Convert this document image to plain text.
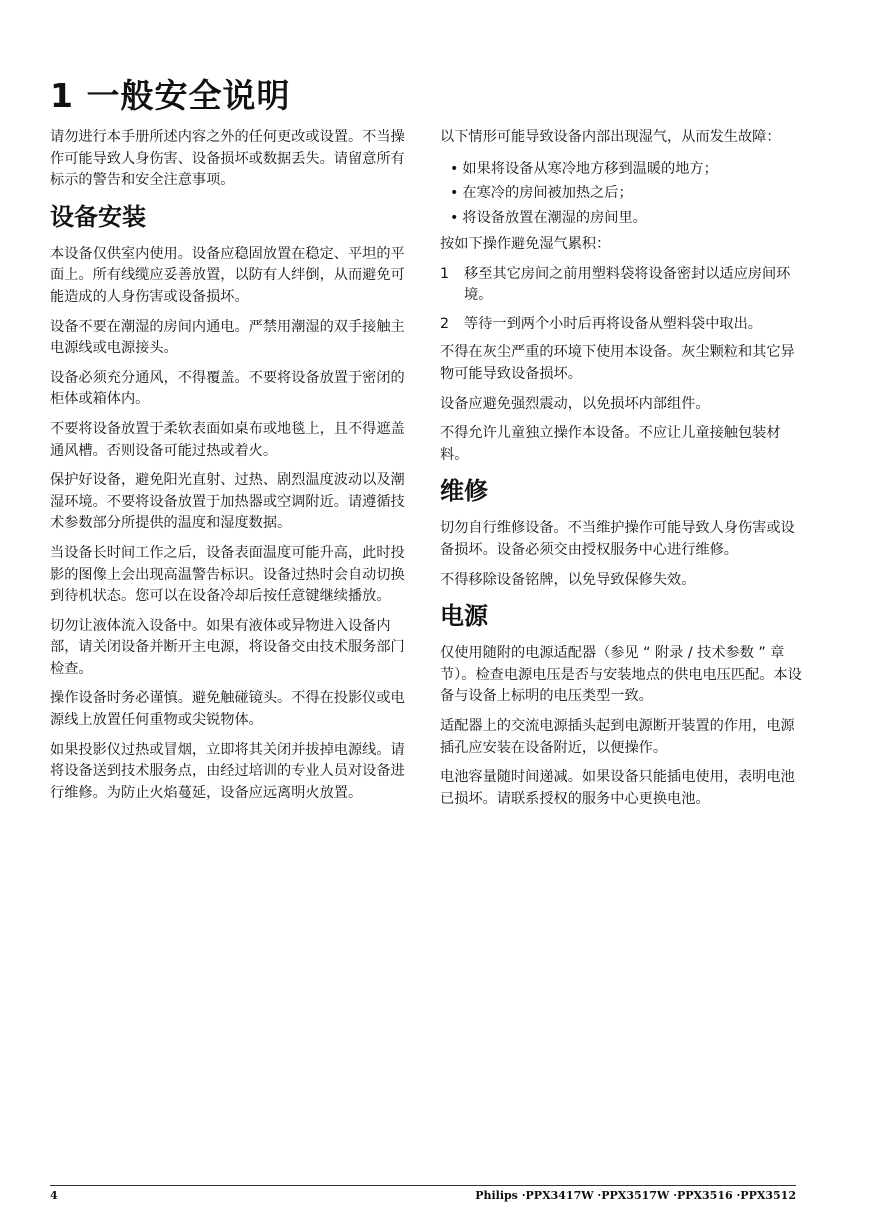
1 一般安全说明

请勿进行本手册所述内容之外的任何更改或设置。不当操作可能导致人身伤害、设备损坏或数据丢失。请留意所有标示的警告和安全注意事项。

设备安装

本设备仅供室内使用。设备应稳固放置在稳定、平坦的平面上。所有线缆应妥善放置，以防有人绊倒，从而避免可能造成的人身伤害或设备损坏。

设备不要在潮湿的房间内通电。严禁用潮湿的双手接触主电源线或电源接头。

设备必须充分通风，不得覆盖。不要将设备放置于密闭的柜体或箱体内。

不要将设备放置于柔软表面如桌布或地毯上，且不得遮盖通风槽。否则设备可能过热或着火。

保护好设备，避免阳光直射、过热、剧烈温度波动以及潮湿环境。不要将设备放置于加热器或空调附近。请遵循技术参数部分所提供的温度和湿度数据。

当设备长时间工作之后，设备表面温度可能升高，此时投影的图像上会出现高温警告标识。设备过热时会自动切换到待机状态。您可以在设备冷却后按任意键继续播放。

切勿让液体流入设备中。如果有液体或异物进入设备内部，请关闭设备并断开主电源，将设备交由技术服务部门检查。

操作设备时务必谨慎。避免触碰镜头。不得在投影仪或电源线上放置任何重物或尖锐物体。

如果投影仪过热或冒烟，立即将其关闭并拔掉电源线。请将设备送到技术服务点，由经过培训的专业人员对设备进行维修。为防止火焰蔓延，设备应远离明火放置。

以下情形可能导致设备内部出现湿气，从而发生故障：

• 如果将设备从寒冷地方移到温暖的地方；
• 在寒冷的房间被加热之后；
• 将设备放置在潮湿的房间里。

按如下操作避免湿气累积：

1	移至其它房间之前用塑料袋将设备密封以适应房间环境。
2	等待一到两个小时后再将设备从塑料袋中取出。

不得在灰尘严重的环境下使用本设备。灰尘颗粒和其它异物可能导致设备损坏。

设备应避免强烈震动，以免损坏内部组件。

不得允许儿童独立操作本设备。不应让儿童接触包装材料。

维修

切勿自行维修设备。不当维护操作可能导致人身伤害或设备损坏。设备必须交由授权服务中心进行维修。

不得移除设备铭牌，以免导致保修失效。

电源

仅使用随附的电源适配器（参见 “ 附录 / 技术参数 ” 章节）。检查电源电压是否与安装地点的供电电压匹配。本设备与设备上标明的电压类型一致。

适配器上的交流电源插头起到电源断开装置的作用，电源插孔应安装在设备附近，以便操作。

电池容量随时间递减。如果设备只能插电使用，表明电池已损坏。请联系授权的服务中心更换电池。

4	Philips ·PPX3417W ·PPX3517W ·PPX3516 ·PPX3512
